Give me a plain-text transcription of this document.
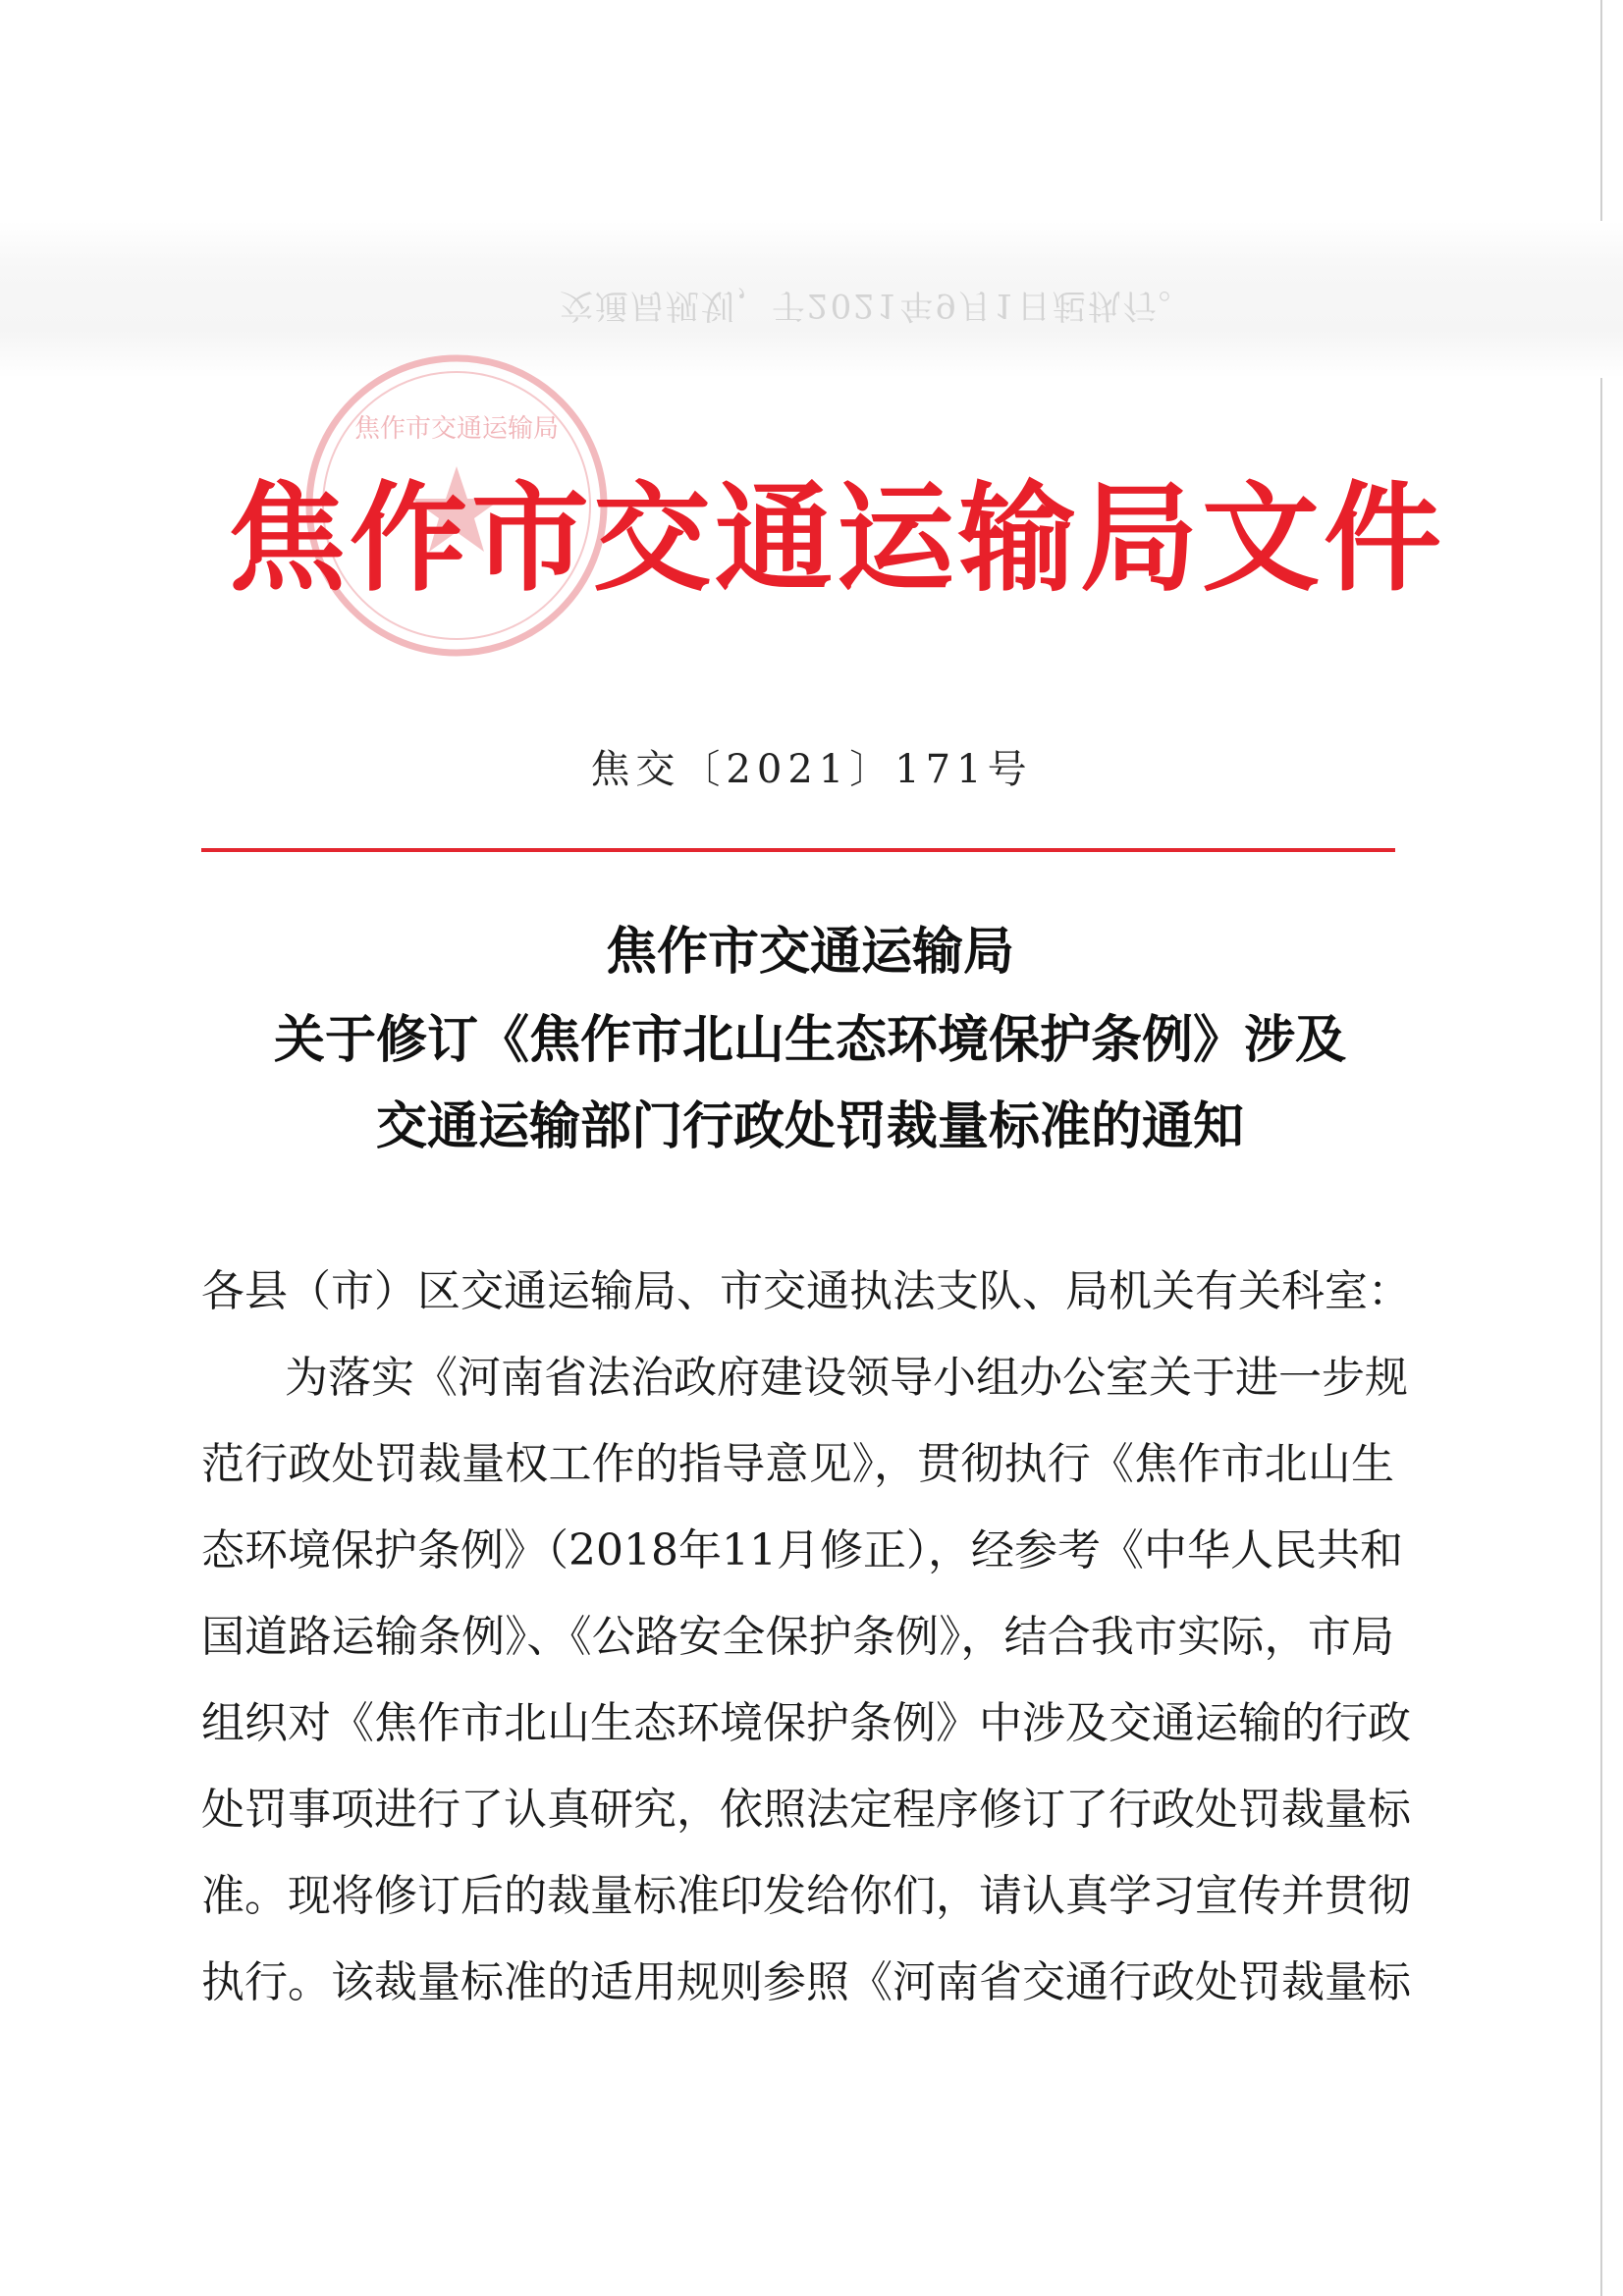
交通局规划，于2021年9月1日起执行。
焦作市交通运输局
焦作市交通运输局文件
焦交〔2021〕171号
焦作市交通运输局
关于修订《焦作市北山生态环境保护条例》涉及
交通运输部门行政处罚裁量标准的通知
各县（市）区交通运输局、市交通执法支队、局机关有关科室：
为落实《河南省法治政府建设领导小组办公室关于进一步规
范行政处罚裁量权工作的指导意见》，贯彻执行《焦作市北山生
态环境保护条例》（2018年11月修正），经参考《中华人民共和
国道路运输条例》、《公路安全保护条例》，结合我市实际，市局
组织对《焦作市北山生态环境保护条例》中涉及交通运输的行政
处罚事项进行了认真研究，依照法定程序修订了行政处罚裁量标
准。现将修订后的裁量标准印发给你们，请认真学习宣传并贯彻
执行。该裁量标准的适用规则参照《河南省交通行政处罚裁量标
